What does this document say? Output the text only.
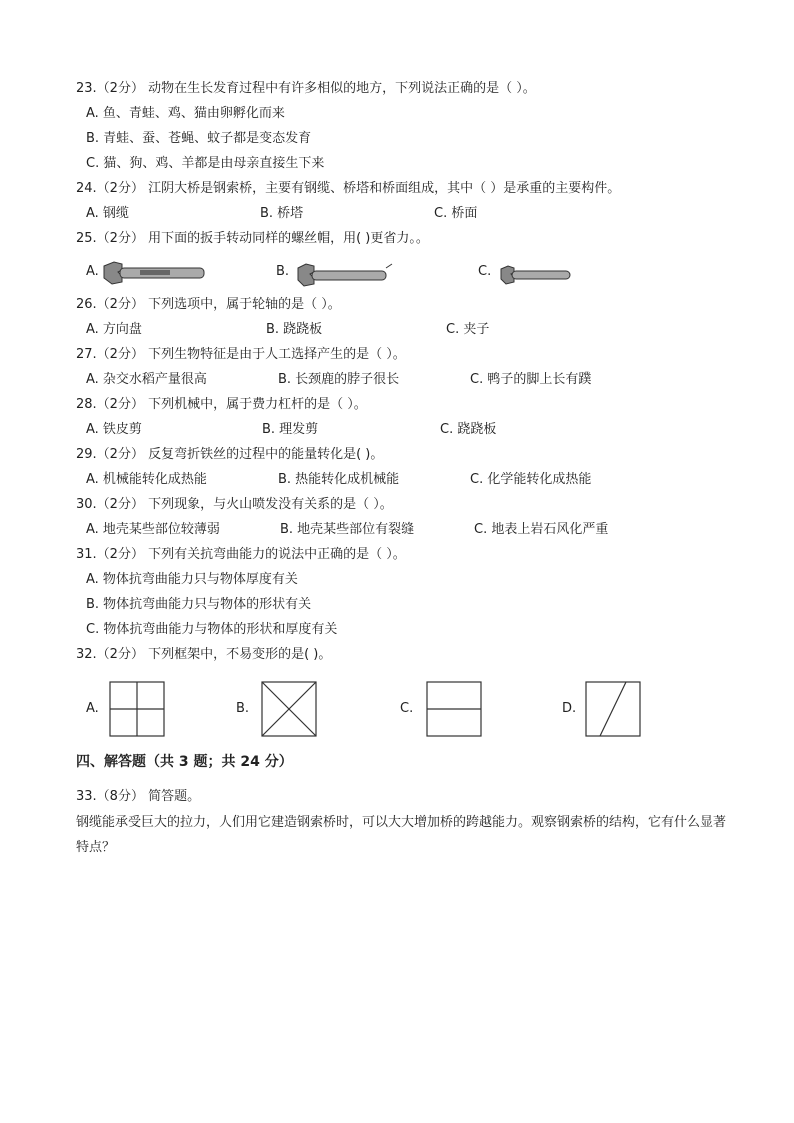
23.（2分） 动物在生长发育过程中有许多相似的地方，下列说法正确的是（ ）。
A. 鱼、青蛙、鸡、猫由卵孵化而来
B. 青蛙、蚕、苍蝇、蚊子都是变态发育
C. 猫、狗、鸡、羊都是由母亲直接生下来
24.（2分） 江阴大桥是钢索桥，主要有钢缆、桥塔和桥面组成，其中（ ）是承重的主要构件。
A. 钢缆	B. 桥塔	C. 桥面
25.（2分） 用下面的扳手转动同样的螺丝帽，用( )更省力。。
A.	B.	C.
26.（2分） 下列选项中，属于轮轴的是（ ）。
A. 方向盘	B. 跷跷板	C. 夹子
27.（2分） 下列生物特征是由于人工选择产生的是（ ）。
A. 杂交水稻产量很高	B. 长颈鹿的脖子很长	C. 鸭子的脚上长有蹼
28.（2分） 下列机械中，属于费力杠杆的是（ ）。
A. 铁皮剪	B. 理发剪	C. 跷跷板
29.（2分） 反复弯折铁丝的过程中的能量转化是( )。
A. 机械能转化成热能	B. 热能转化成机械能	C. 化学能转化成热能
30.（2分） 下列现象，与火山喷发没有关系的是（ ）。
A. 地壳某些部位较薄弱	B. 地壳某些部位有裂缝	C. 地表上岩石风化严重
31.（2分） 下列有关抗弯曲能力的说法中正确的是（ ）。
A. 物体抗弯曲能力只与物体厚度有关
B. 物体抗弯曲能力只与物体的形状有关
C. 物体抗弯曲能力与物体的形状和厚度有关
32.（2分） 下列框架中，不易变形的是( )。
A.	B.	C.	D.
四、解答题（共 3 题；共 24 分）
33.（8分） 简答题。
钢缆能承受巨大的拉力，人们用它建造钢索桥时，可以大大增加桥的跨越能力。观察钢索桥的结构，它有什么显著特点？
